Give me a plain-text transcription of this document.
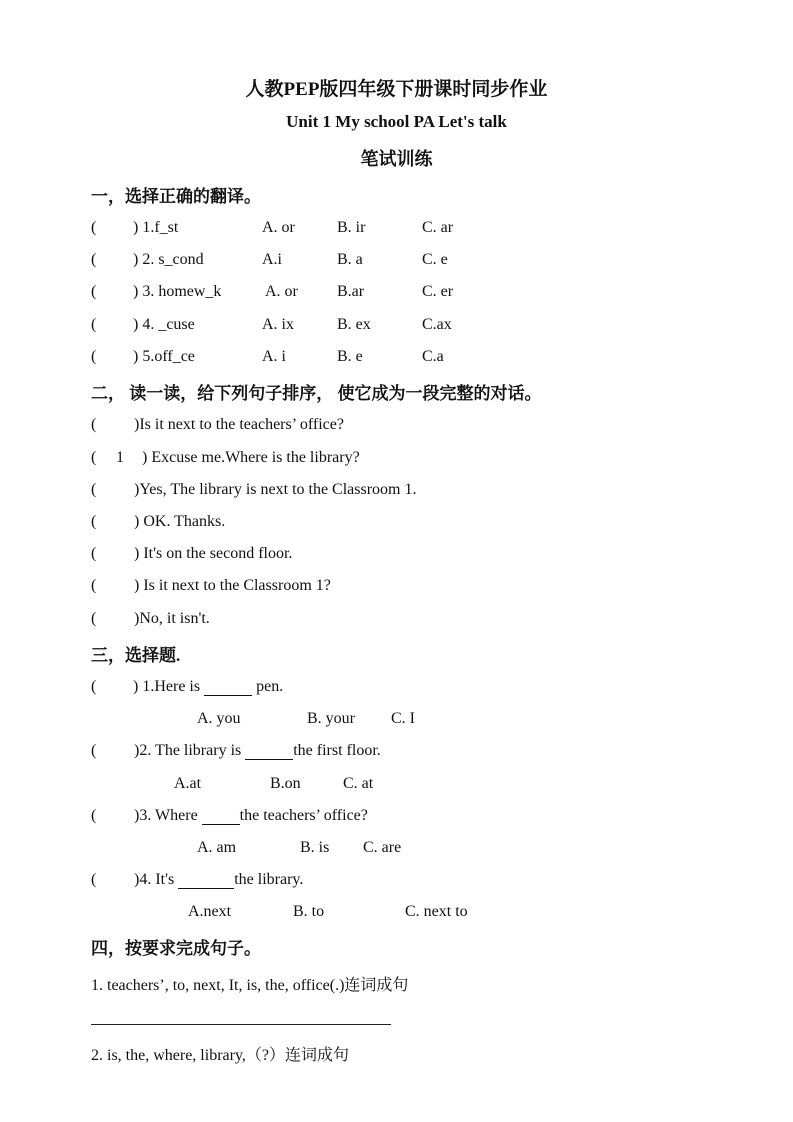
人教PEP版四年级下册课时同步作业
Unit 1 My school PA Let's talk
笔试训练
一，选择正确的翻译。
( ) 1.f_st	A. or	B. ir	C. ar
( ) 2. s_cond	A.i	B. a	C. e
( ) 3. homew_k	A. or B.ar	C. er
( ) 4. _cuse	A. ix	B. ex	C.ax
( ) 5.off_ce	A. i	B. e	C.a
二， 读一读，给下列句子排序， 使它成为一段完整的对话。
( )Is it next to the teachers’ office?
( 1 ) Excuse me.Where is the library?
( )Yes, The library is next to the Classroom 1.
( ) OK. Thanks.
( ) It's on the second floor.
( ) Is it next to the Classroom 1?
( )No, it isn't.
三，选择题.
( ) 1.Here is	pen.
A. you	B. your C. I
( )2. The library is	the first floor.
A.at	B.on	C. at
( )3. Where the teachers’ office?
A. am	B. is C. are
( )4. It's	the library.
A.next	B. to	C. next to
四，按要求完成句子。
1. teachers’, to, next, It, is, the, office(.)连词成句
2. is, the, where, library,（?）连词成句
